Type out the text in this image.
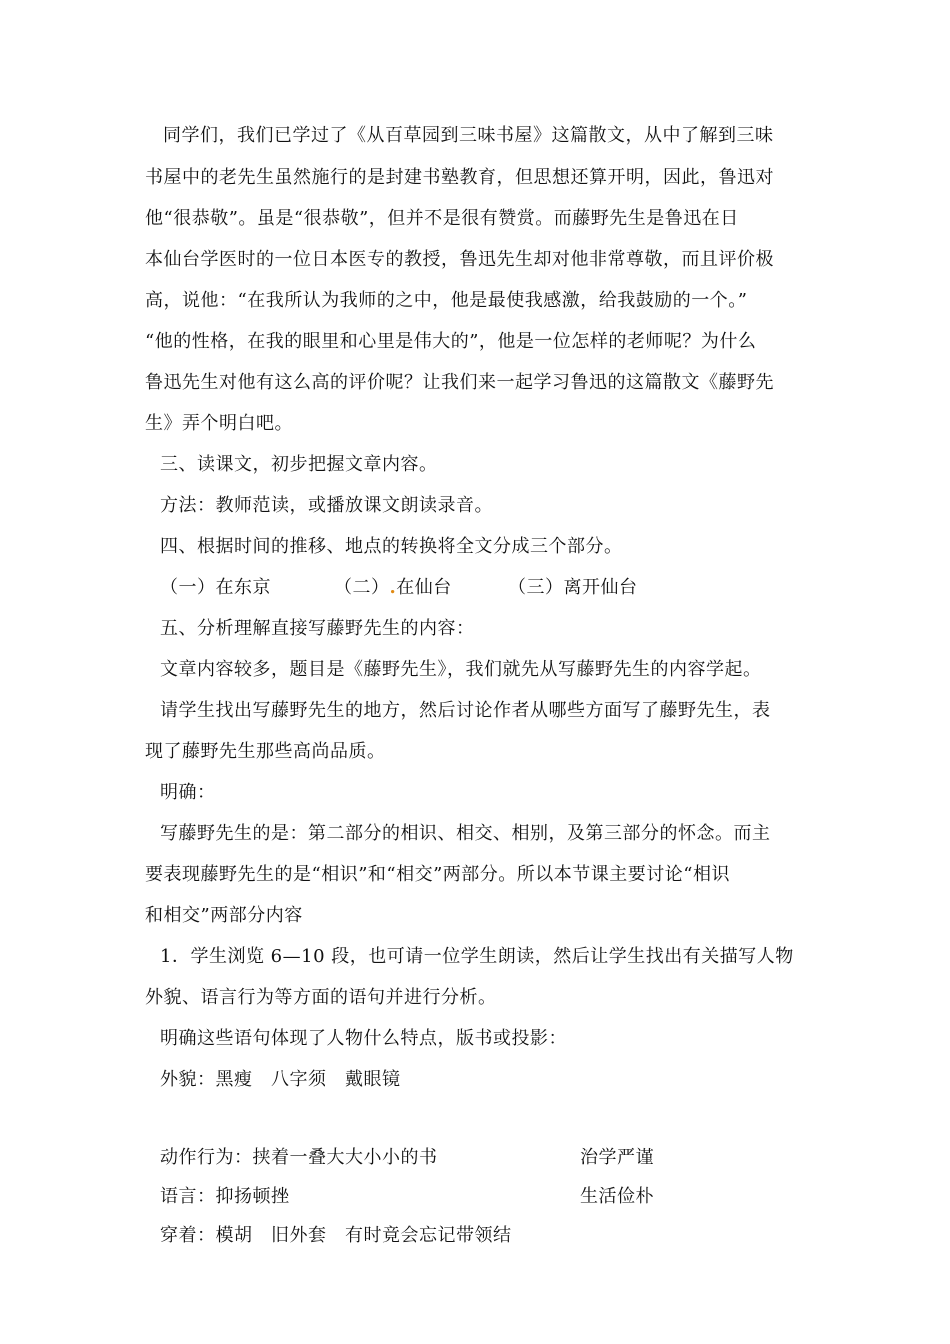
同学们，我们已学过了《从百草园到三味书屋》这篇散文，从中了解到三味
书屋中的老先生虽然施行的是封建书塾教育，但思想还算开明，因此，鲁迅对
他“很恭敬”。虽是“很恭敬”，但并不是很有赞赏。而藤野先生是鲁迅在日
本仙台学医时的一位日本医专的教授，鲁迅先生却对他非常尊敬，而且评价极
高，说他：“在我所认为我师的之中，他是最使我感激，给我鼓励的一个。”
“他的性格，在我的眼里和心里是伟大的”，他是一位怎样的老师呢？为什么
鲁迅先生对他有这么高的评价呢？让我们来一起学习鲁迅的这篇散文《藤野先
生》弄个明白吧。
三、读课文，初步把握文章内容。
方法：教师范读，或播放课文朗读录音。
四、根据时间的推移、地点的转换将全文分成三个部分。
（一）在东京	（二）.在仙台	（三）离开仙台
五、分析理解直接写藤野先生的内容：
文章内容较多，题目是《藤野先生》，我们就先从写藤野先生的内容学起。
请学生找出写藤野先生的地方，然后讨论作者从哪些方面写了藤野先生，表
现了藤野先生那些高尚品质。
明确：
写藤野先生的是：第二部分的相识、相交、相别，及第三部分的怀念。而主
要表现藤野先生的是“相识”和“相交”两部分。所以本节课主要讨论“相识
和相交”两部分内容
1．学生浏览 6—10 段，也可请一位学生朗读，然后让学生找出有关描写人物
外貌、语言行为等方面的语句并进行分析。
明确这些语句体现了人物什么特点，版书或投影：
外貌：黑瘦　八字须　戴眼镜
动作行为：挟着一叠大大小小的书	治学严谨
语言：抑扬顿挫	生活俭朴
穿着：模胡　旧外套　有时竟会忘记带领结
